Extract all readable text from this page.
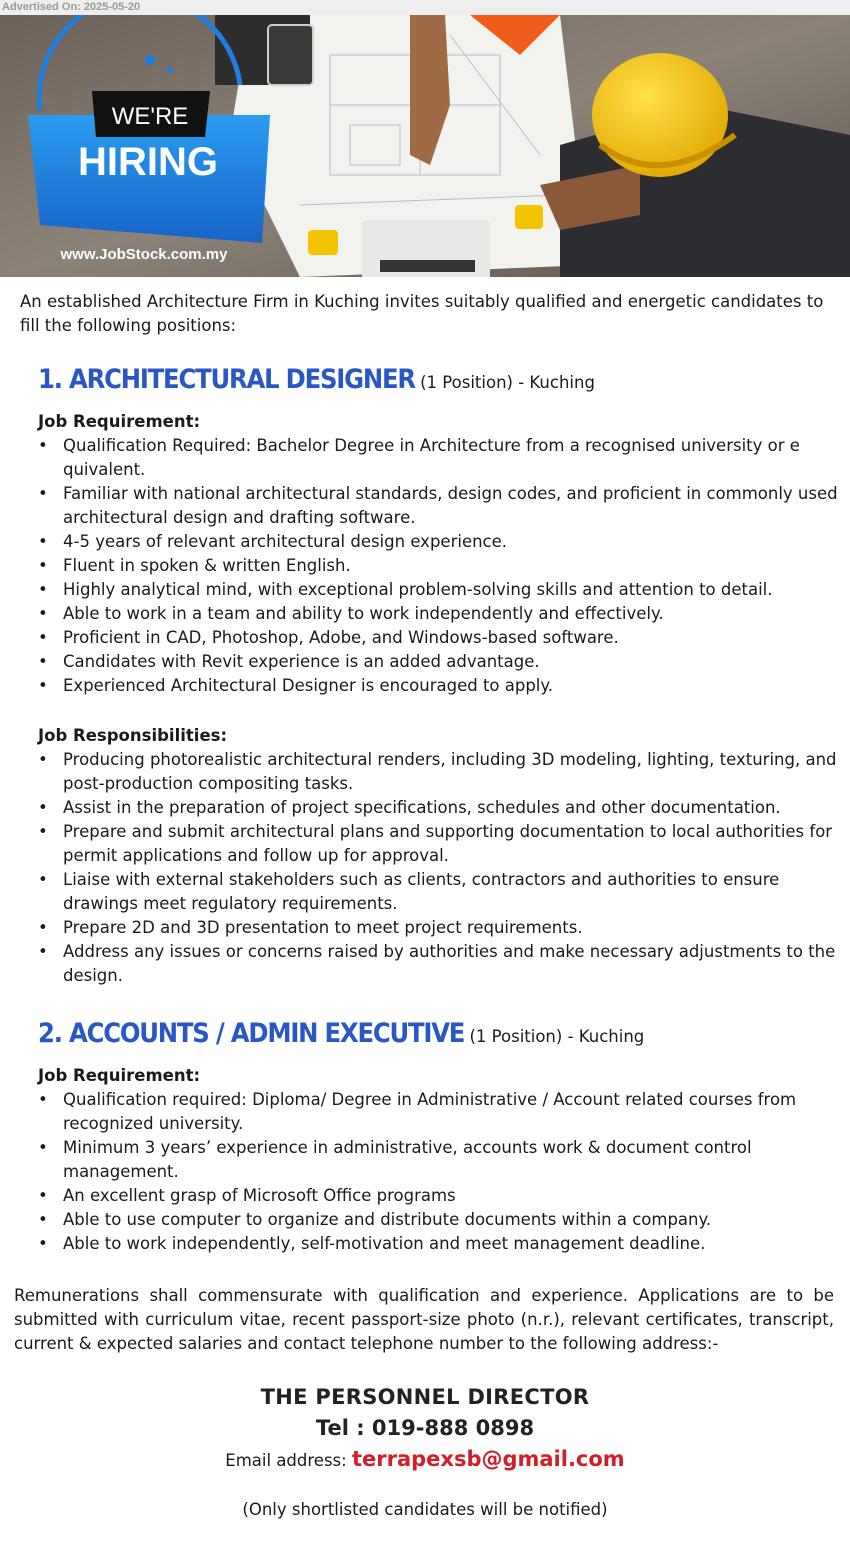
Advertised On: 2025-05-20
WE'RE
HIRING
www.JobStock.com.my
An established Architecture Firm in Kuching invites suitably qualified and energetic candidates to fill the following positions:
1. ARCHITECTURAL DESIGNER (1 Position) - Kuching
Job Requirement:
• Qualification Required: Bachelor Degree in Architecture from a recognised university or e quivalent.
• Familiar with national architectural standards, design codes, and proficient in commonly used architectural design and drafting software.
• 4-5 years of relevant architectural design experience.
• Fluent in spoken & written English.
• Highly analytical mind, with exceptional problem-solving skills and attention to detail.
• Able to work in a team and ability to work independently and effectively.
• Proficient in CAD, Photoshop, Adobe, and Windows-based software.
• Candidates with Revit experience is an added advantage.
• Experienced Architectural Designer is encouraged to apply.
Job Responsibilities:
• Producing photorealistic architectural renders, including 3D modeling, lighting, texturing, and post-production compositing tasks.
• Assist in the preparation of project specifications, schedules and other documentation.
• Prepare and submit architectural plans and supporting documentation to local authorities for permit applications and follow up for approval.
• Liaise with external stakeholders such as clients, contractors and authorities to ensure drawings meet regulatory requirements.
• Prepare 2D and 3D presentation to meet project requirements.
• Address any issues or concerns raised by authorities and make necessary adjustments to the design.
2. ACCOUNTS / ADMIN EXECUTIVE (1 Position) - Kuching
Job Requirement:
• Qualification required: Diploma/ Degree in Administrative / Account related courses from recognized university.
• Minimum 3 years’ experience in administrative, accounts work & document control management.
• An excellent grasp of Microsoft Office programs
• Able to use computer to organize and distribute documents within a company.
• Able to work independently, self-motivation and meet management deadline.
Remunerations shall commensurate with qualification and experience. Applications are to be submitted with curriculum vitae, recent passport-size photo (n.r.), relevant certificates, transcript, current & expected salaries and contact telephone number to the following address:-
THE PERSONNEL DIRECTOR
Tel : 019-888 0898
Email address: terrapexsb@gmail.com
(Only shortlisted candidates will be notified)
